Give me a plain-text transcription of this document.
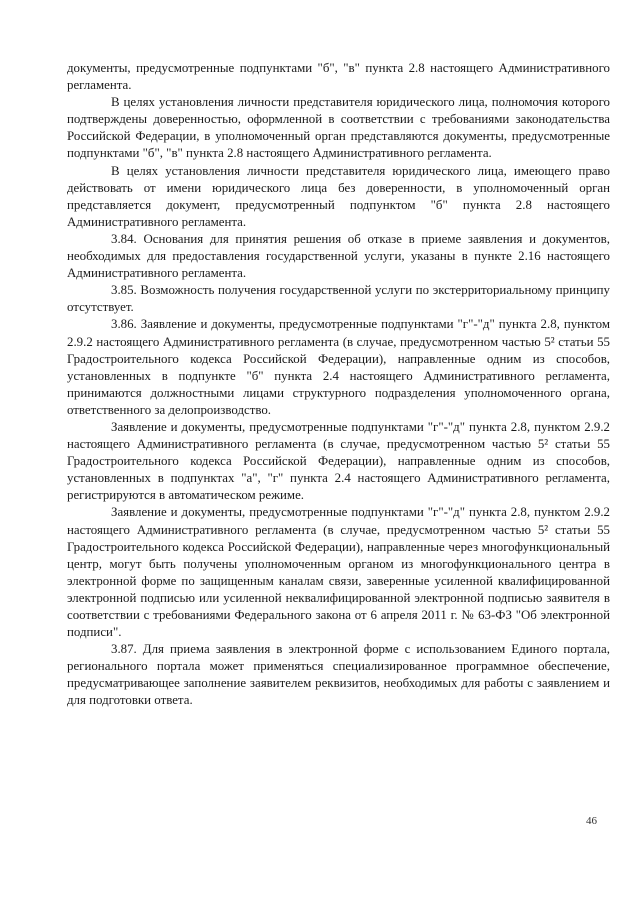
документы, предусмотренные подпунктами "б", "в" пункта 2.8 настоящего Административного регламента.

В целях установления личности представителя юридического лица, полномочия которого подтверждены доверенностью, оформленной в соответствии с требованиями законодательства Российской Федерации, в уполномоченный орган представляются документы, предусмотренные подпунктами "б", "в" пункта 2.8 настоящего Административного регламента.

В целях установления личности представителя юридического лица, имеющего право действовать от имени юридического лица без доверенности, в уполномоченный орган представляется документ, предусмотренный подпунктом "б" пункта 2.8 настоящего Административного регламента.

3.84. Основания для принятия решения об отказе в приеме заявления и документов, необходимых для предоставления государственной услуги, указаны в пункте 2.16 настоящего Административного регламента.

3.85. Возможность получения государственной услуги по экстерриториальному принципу отсутствует.

3.86. Заявление и документы, предусмотренные подпунктами "г"-"д" пункта 2.8, пунктом 2.9.2 настоящего Административного регламента (в случае, предусмотренном частью 5² статьи 55 Градостроительного кодекса Российской Федерации), направленные одним из способов, установленных в подпункте "б" пункта 2.4 настоящего Административного регламента, принимаются должностными лицами структурного подразделения уполномоченного органа, ответственного за делопроизводство.

Заявление и документы, предусмотренные подпунктами "г"-"д" пункта 2.8, пунктом 2.9.2 настоящего Административного регламента (в случае, предусмотренном частью 5² статьи 55 Градостроительного кодекса Российской Федерации), направленные одним из способов, установленных в подпунктах "а", "г" пункта 2.4 настоящего Административного регламента, регистрируются в автоматическом режиме.

Заявление и документы, предусмотренные подпунктами "г"-"д" пункта 2.8, пунктом 2.9.2 настоящего Административного регламента (в случае, предусмотренном частью 5² статьи 55 Градостроительного кодекса Российской Федерации), направленные через многофункциональный центр, могут быть получены уполномоченным органом из многофункционального центра в электронной форме по защищенным каналам связи, заверенные усиленной квалифицированной электронной подписью или усиленной неквалифицированной электронной подписью заявителя в соответствии с требованиями Федерального закона от 6 апреля 2011 г. № 63-ФЗ "Об электронной подписи".

3.87. Для приема заявления в электронной форме с использованием Единого портала, регионального портала может применяться специализированное программное обеспечение, предусматривающее заполнение заявителем реквизитов, необходимых для работы с заявлением и для подготовки ответа.

46
